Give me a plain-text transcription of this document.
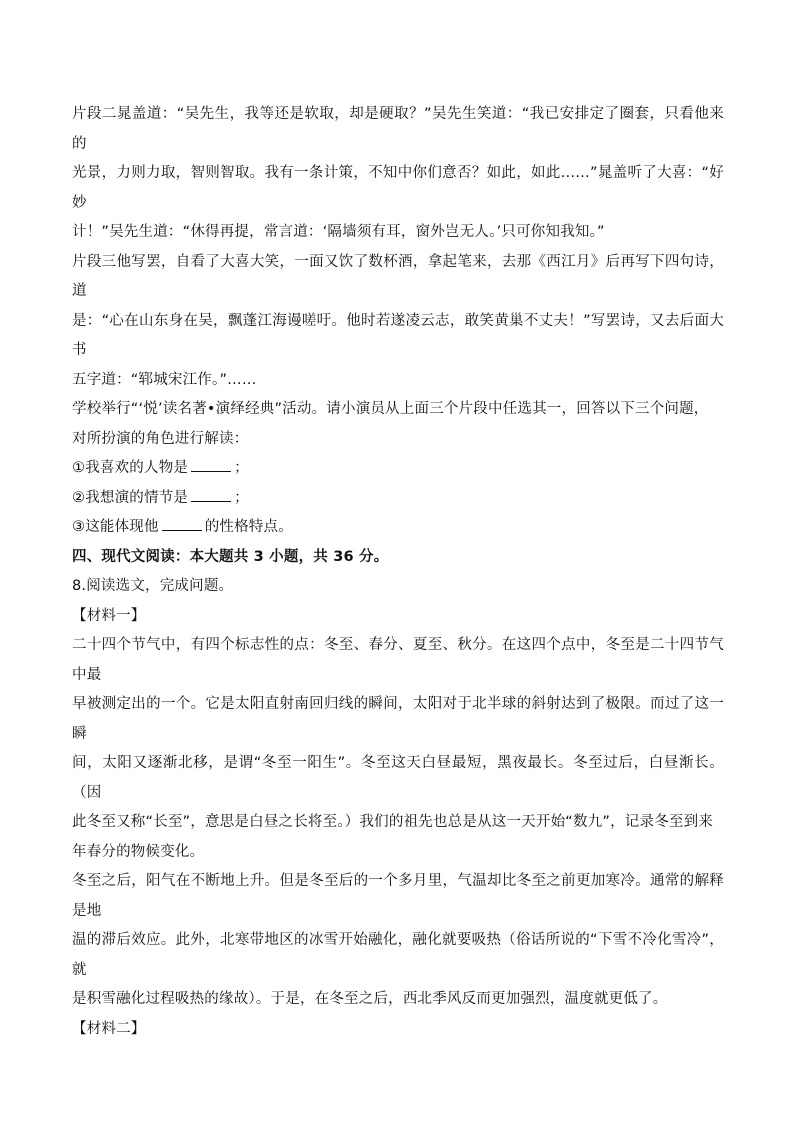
片段二晁盖道：“吴先生，我等还是软取，却是硬取？”吴先生笑道：“我已安排定了圈套，只看他来的

光景，力则力取，智则智取。我有一条计策，不知中你们意否？如此，如此……”晁盖听了大喜：“好妙

计！”吴先生道：“休得再提，常言道：‘隔墙须有耳，窗外岂无人。’只可你知我知。”

片段三他写罢，自看了大喜大笑，一面又饮了数杯酒，拿起笔来，去那《西江月》后再写下四句诗，道

是：“心在山东身在吴，飘蓬江海谩嗟吁。他时若遂凌云志，敢笑黄巢不丈夫！”写罢诗，又去后面大书

五字道：“郓城宋江作。”……

学校举行“‘悦’读名著•演绎经典”活动。请小演员从上面三个片段中任选其一，回答以下三个问题，

对所扮演的角色进行解读：

①我喜欢的人物是	；

②我想演的情节是	；

③这能体现他	的性格特点。

四、现代文阅读：本大题共 3 小题，共 36 分。

8.阅读选文，完成问题。

【材料一】

二十四个节气中，有四个标志性的点：冬至、春分、夏至、秋分。在这四个点中，冬至是二十四节气中最

早被测定出的一个。它是太阳直射南回归线的瞬间，太阳对于北半球的斜射达到了极限。而过了这一瞬

间，太阳又逐渐北移，是谓“冬至一阳生”。冬至这天白昼最短，黑夜最长。冬至过后，白昼渐长。（因

此冬至又称“长至”，意思是白昼之长将至。）我们的祖先也总是从这一天开始“数九”，记录冬至到来

年春分的物候变化。

冬至之后，阳气在不断地上升。但是冬至后的一个多月里，气温却比冬至之前更加寒冷。通常的解释是地

温的滞后效应。此外，北寒带地区的冰雪开始融化，融化就要吸热（俗话所说的“下雪不冷化雪冷”，就

是积雪融化过程吸热的缘故）。于是，在冬至之后，西北季风反而更加强烈，温度就更低了。

【材料二】
